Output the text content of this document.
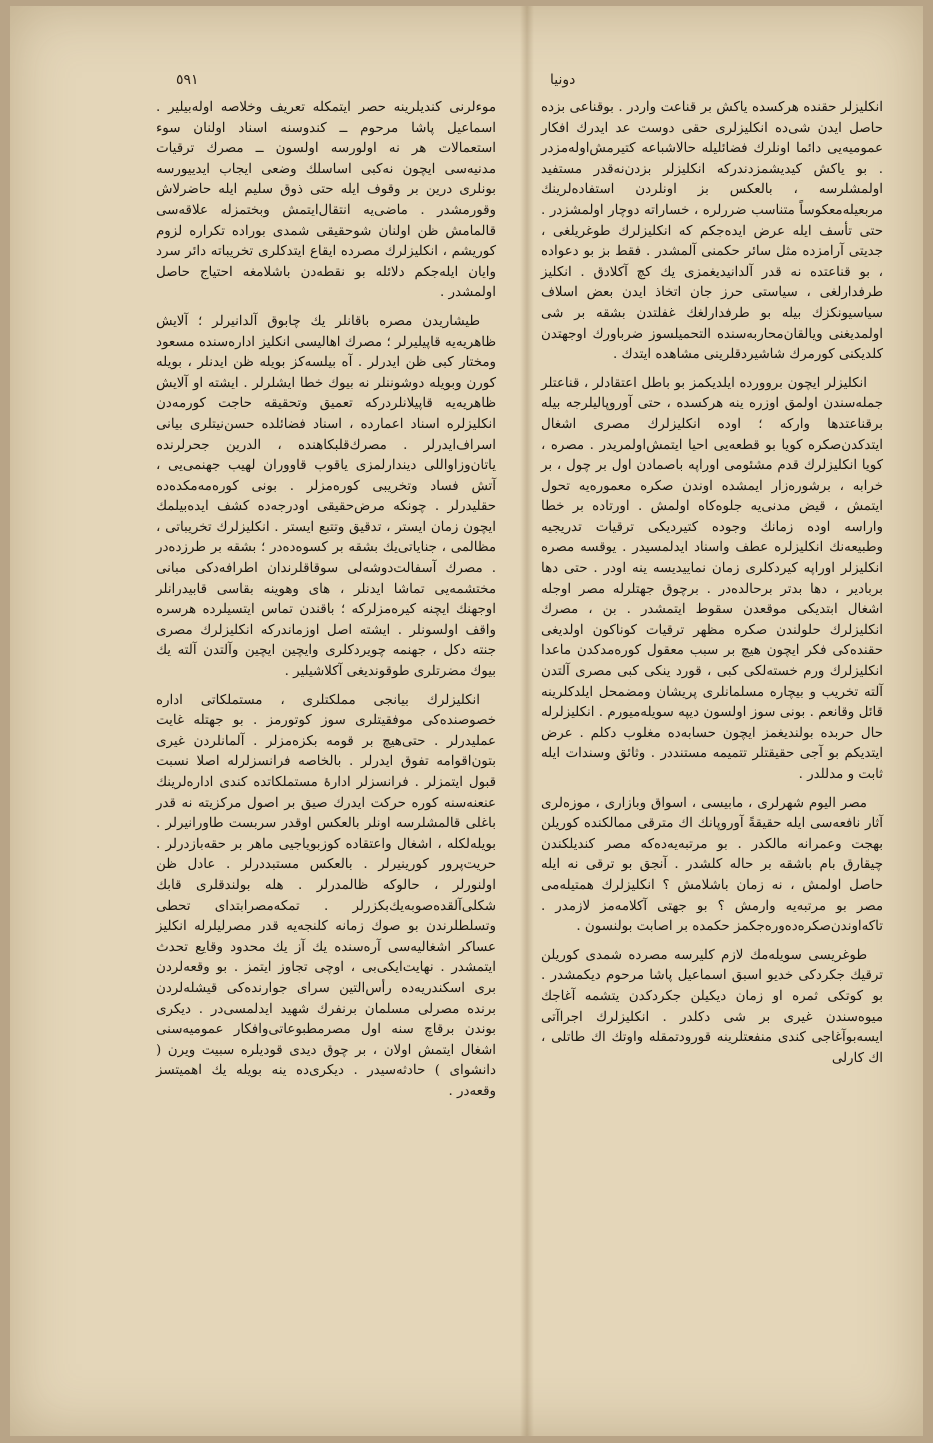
٥٩١	دونيا

موءلرنی کندیلرینه حصر ایتمکله تعریف وخلاصه اوله‌بیلیر . اسماعیل پاشا مرحوم ــ کندوسنه اسناد اولنان سوء استعمالات هر نه اولورسه اولسون ــ مصرك ترقیات مدنیه‌سی ایچون نه‌کبی اساسلك وضعی ایجاب ایدییورسه بونلری درین بر وقوف ایله حتی ذوق سلیم ایله حاضرلاش وقورمشدر . ماضی‌یه انتقال‌ایتمش وبختمزله علاقه‌سی قالمامش ظن اولنان شوحقیقی شمدی بوراده تکراره لزوم کوریشم ، انکلیزلرك مصرده ایقاع ایتدکلری تخریباته دائر سرد وایان ایله‌جکم دلائله بو نقطه‌دن باشلامغه احتیاج حاصل اولمشدر .

طیشاریدن مصره باقانلر یك چابوق آلدانیرلر ؛ آلایش ظاهریه‌یه قاپیلیرلر ؛ مصرك اهالیسی انکلیز اداره‌سنده مسعود ومختار کبی ظن ایدرلر . آه بیلسه‌کز بویله ظن ایدنلر ، بویله کورن وبویله دوشوننلر نه بیوك خطا ایشلرلر . ایشته او آلایش ظاهریه‌یه قاپیلانلردرکه تعمیق وتحقیقه حاجت کورمه‌دن انکلیزلره اسناد اعمارده ، اسناد فضائلده حسن‌نیتلری بیانی اسراف‌ایدرلر . مصرك‌قلبکاهنده ، الدرین جحر‌لرنده یاتان‌وزاواللی دیندارلمزی یاقوب قاووران لهیب جهنمی‌یی ، آتش فساد وتخریبی کوره‌مزلر . بونی کوره‌مه‌مکده‌ده حقلیدرلر . چونکه مرض‌حقیقی اودرجه‌ده کشف ایده‌بیلمك ایچون زمان ایستر ، تدقیق وتتبع ایستر . انکلیزلرك تخریباتی ، مظالمی ، جنایاتی‌یك بشقه بر کسوه‌ده‌در ؛ بشقه بر طرزده‌در . مصرك آسفالت‌دوشه‌لی سوقاقلرندان اطرافه‌دكی مبانی مختشمه‌یی تماشا ایدنلر ، های وهوینه بقاسی قابیدرانلر اوجهنك ایچنه کیره‌مزلرکه ؛ باقندن تماس ایتسیلرده هرسره واقف اولسونلر . ایشته اصل اوزماندرکه انکلیزلرك مصری جنته دکل ، جهنمه چویردکلری وایچین ایچین وآلتدن آلته یك بیوك مضرتلری طوقوندیغی آکلاشیلیر .

انکلیزلرك بیانجی مملکتلری ، مستملکاتی اداره خصوصنده‌کی موفقیتلری سوز کوتورمز . بو جهتله غایت عملیدرلر . حتی‌هیچ بر قومه بکزه‌مزلر . آلمانلردن غیری بتون‌اقوامه تفوق ایدرلر . بالخاصه فرانسزلرله اصلا نسبت قبول ایتمزلر . فرانسزلر ادارهٔ مستملکاتده کندی اداره‌لرینك عنعنه‌سنه کوره حرکت ایدرك صیق بر اصول مرکزیته نه قدر باغلی قالمشلرسه اونلر بالعکس اوقدر سربست طاورانیرلر . بویله‌لکله ، اشغال واعتقاده کوزبویاجیی ماهر بر حقه‌بازدرلر . حریت‌پرور کورینیرلر . بالعکس مستبددرلر . عادل ظن اولنورلر ، حالوکه ظالمدرلر . هله بولندقلری قابك شکلی‌آلقده‌صوبه‌یك‌بکزرلر . تمکه‌مصرابتدای تحطی وتسلطلرندن بو صوك زمانه کلنجه‌یه قدر مصرلیلرله انکلیز عساکر اشغالیه‌سی آره‌سنده یك آز یك محدود وقایع تحدث ایتمشدر . نهایت‌ایکی‌بی ، اوچی تجاوز ایتمز . بو وقعه‌لردن بری اسکندریه‌ده رأس‌التین سرای جوارنده‌کی قیشله‌لردن برنده مصرلی مسلمان برنفرك شهید ایدلمسی‌در . دیکری بوندن برقاچ سنه اول مصرمطبوعاتی‌وافکار عمومیه‌سنی اشغال ایتمش اولان ، بر چوق دیدی قودیلره سبیت ویرن ( دانشوای ) حادثه‌سیدر . دیکری‌ده ینه بویله یك اهمیتسز وقعه‌در .

انکلیزلر حقنده هرکسده یاکش بر قناعت واردر . بوقناعی بزده حاصل ایدن شی‌ده انکلیزلری حقی دوست عد ایدرك افکار عمومیه‌یی دائما اونلرك فضائلیله حالاشباعه کتیرمش‌اوله‌مزدر . بو یاکش کیدیشمزدندرکه انکلیزلر بزدن‌نه‌قدر مستفید اولمشلرسه ، بالعکس بز اونلردن استفاده‌لرینك مربعیله‌معکوساً متناسب ضررلره ، خساراته دوچار اولمشزدر . حتی تأسف ایله عرض ایده‌جکم که انکلیزلرك طوغریلغی ، جدیتی آرامزده مثل سائر حکمنی آلمشدر . فقط بز بو دعواده ، بو قناعتده نه قدر آلدانیدیغمزی یك کچ آکلادق . انکلیز طرفدارلغی ، سیاستی حرز جان اتخاذ ایدن بعض اسلاف سیاسیونکزك بیله بو طرفدارلغك غفلتدن بشقه بر شی اولمدیغنی ویالقان‌محاربه‌سنده التحمیلسوز ضرباورك اوجهتدن کلدیکنی کورمرك شاشیرد‌قلرینی مشاهده ایتدك .

انکلیزلر ایچون بروورده ایلدیکمز بو باطل اعتقادلر ، قناعتلر جمله‌سندن اولمق اوزره ینه هرکسده ، حتی آوروپالیلرجه بیله برقناعتدها وارکه ؛ اوده انکلیزلرك مصری اشغال ایتدکدن‌صکره کویا بو قطعه‌یی احیا ایتمش‌اولمریدر . مصره ، کویا انکلیزلرك قدم مشئومی اوراپه باصمادن اول بر چول ، بر خرابه ، برشوره‌زار ایمشده اوندن صکره معموره‌یه تحول ایتمش ، قیض مدنی‌یه جلوه‌کاه اولمش . اورتاده بر خطا واراسه اوده زمانك وجوده کتیردیکی ترقیات تدریجیه وطبیعه‌نك انکلیزلره عطف واسناد ایدلمسیدر . یوقسه مصره انکلیزلر اوراپه کیردکلری زمان نماییدیسه ینه اودر . حتی دها بربادیر ، دها بدتر برحالده‌در . برچوق جهتلرله مصر اوجله اشغال ابتدیکی موقعدن سقوط ایتمشدر . بن ، مصرك انکلیزلرك حلولندن صکره مظهر ترقیات کوناکون اولدیغی حقنده‌کی فکر ایچون هیچ بر سبب معقول کوره‌مدکدن ماعدا انکلیزلرك ورم خسته‌لکی کبی ، قورد ینکی کبی مصری آلتدن آلته تخریب و بیچاره مسلمانلری پریشان ومضمحل ایلدکلرینه قائل وقانعم . بونی سوز اولسون دیپه سویله‌میورم . انکلیزلرله حال حربده بولندیغمز ایچون حسابه‌ده مغلوب دکلم . عرض ایتدیکم بو آجی حقیقتلر تتمیمه مستنددر . وثائق وسندات ایله ثابت و مدللدر .

مصر الیوم شهرلری ، مابیسی ، اسواق وبازاری ، موزه‌لری آثار نافعه‌سی ایله حقیقةً آوروپانك اك مترقی ممالکنده کوریلن بهجت وعمرانه مالکدر . بو مرتبه‌یه‌ده‌که مصر کندیلکندن چیقارق بام باشقه بر حاله کلشدر . آنجق بو ترقی نه ایله حاصل اولمش ، نه زمان باشلامش ؟ انکلیزلرك همتیله‌می مصر بو مرتبه‌یه وارمش ؟ بو جهتی آکلامه‌مز لازمدر . تاکه‌اوندن‌صکره‌ده‌وره‌جکمز حکمده بر اصابت بولنسون .

طوغریسی سویله‌مك لازم کلیرسه مصرده شمدی کوریلن ترقیك جکردکی خدیو اسبق اسماعیل پاشا مرحوم دیکمشدر . بو کوتکی ثمره او زمان دیکیلن جکردکدن یتشمه آغاجك میوه‌سندن غیری بر شی دکلدر . انکلیزلرك اجراآتی ایسه‌بو‌آغاجی کندی منفعتلرینه قورودتمقله واوتك اك طاتلی ، اك کارلی
